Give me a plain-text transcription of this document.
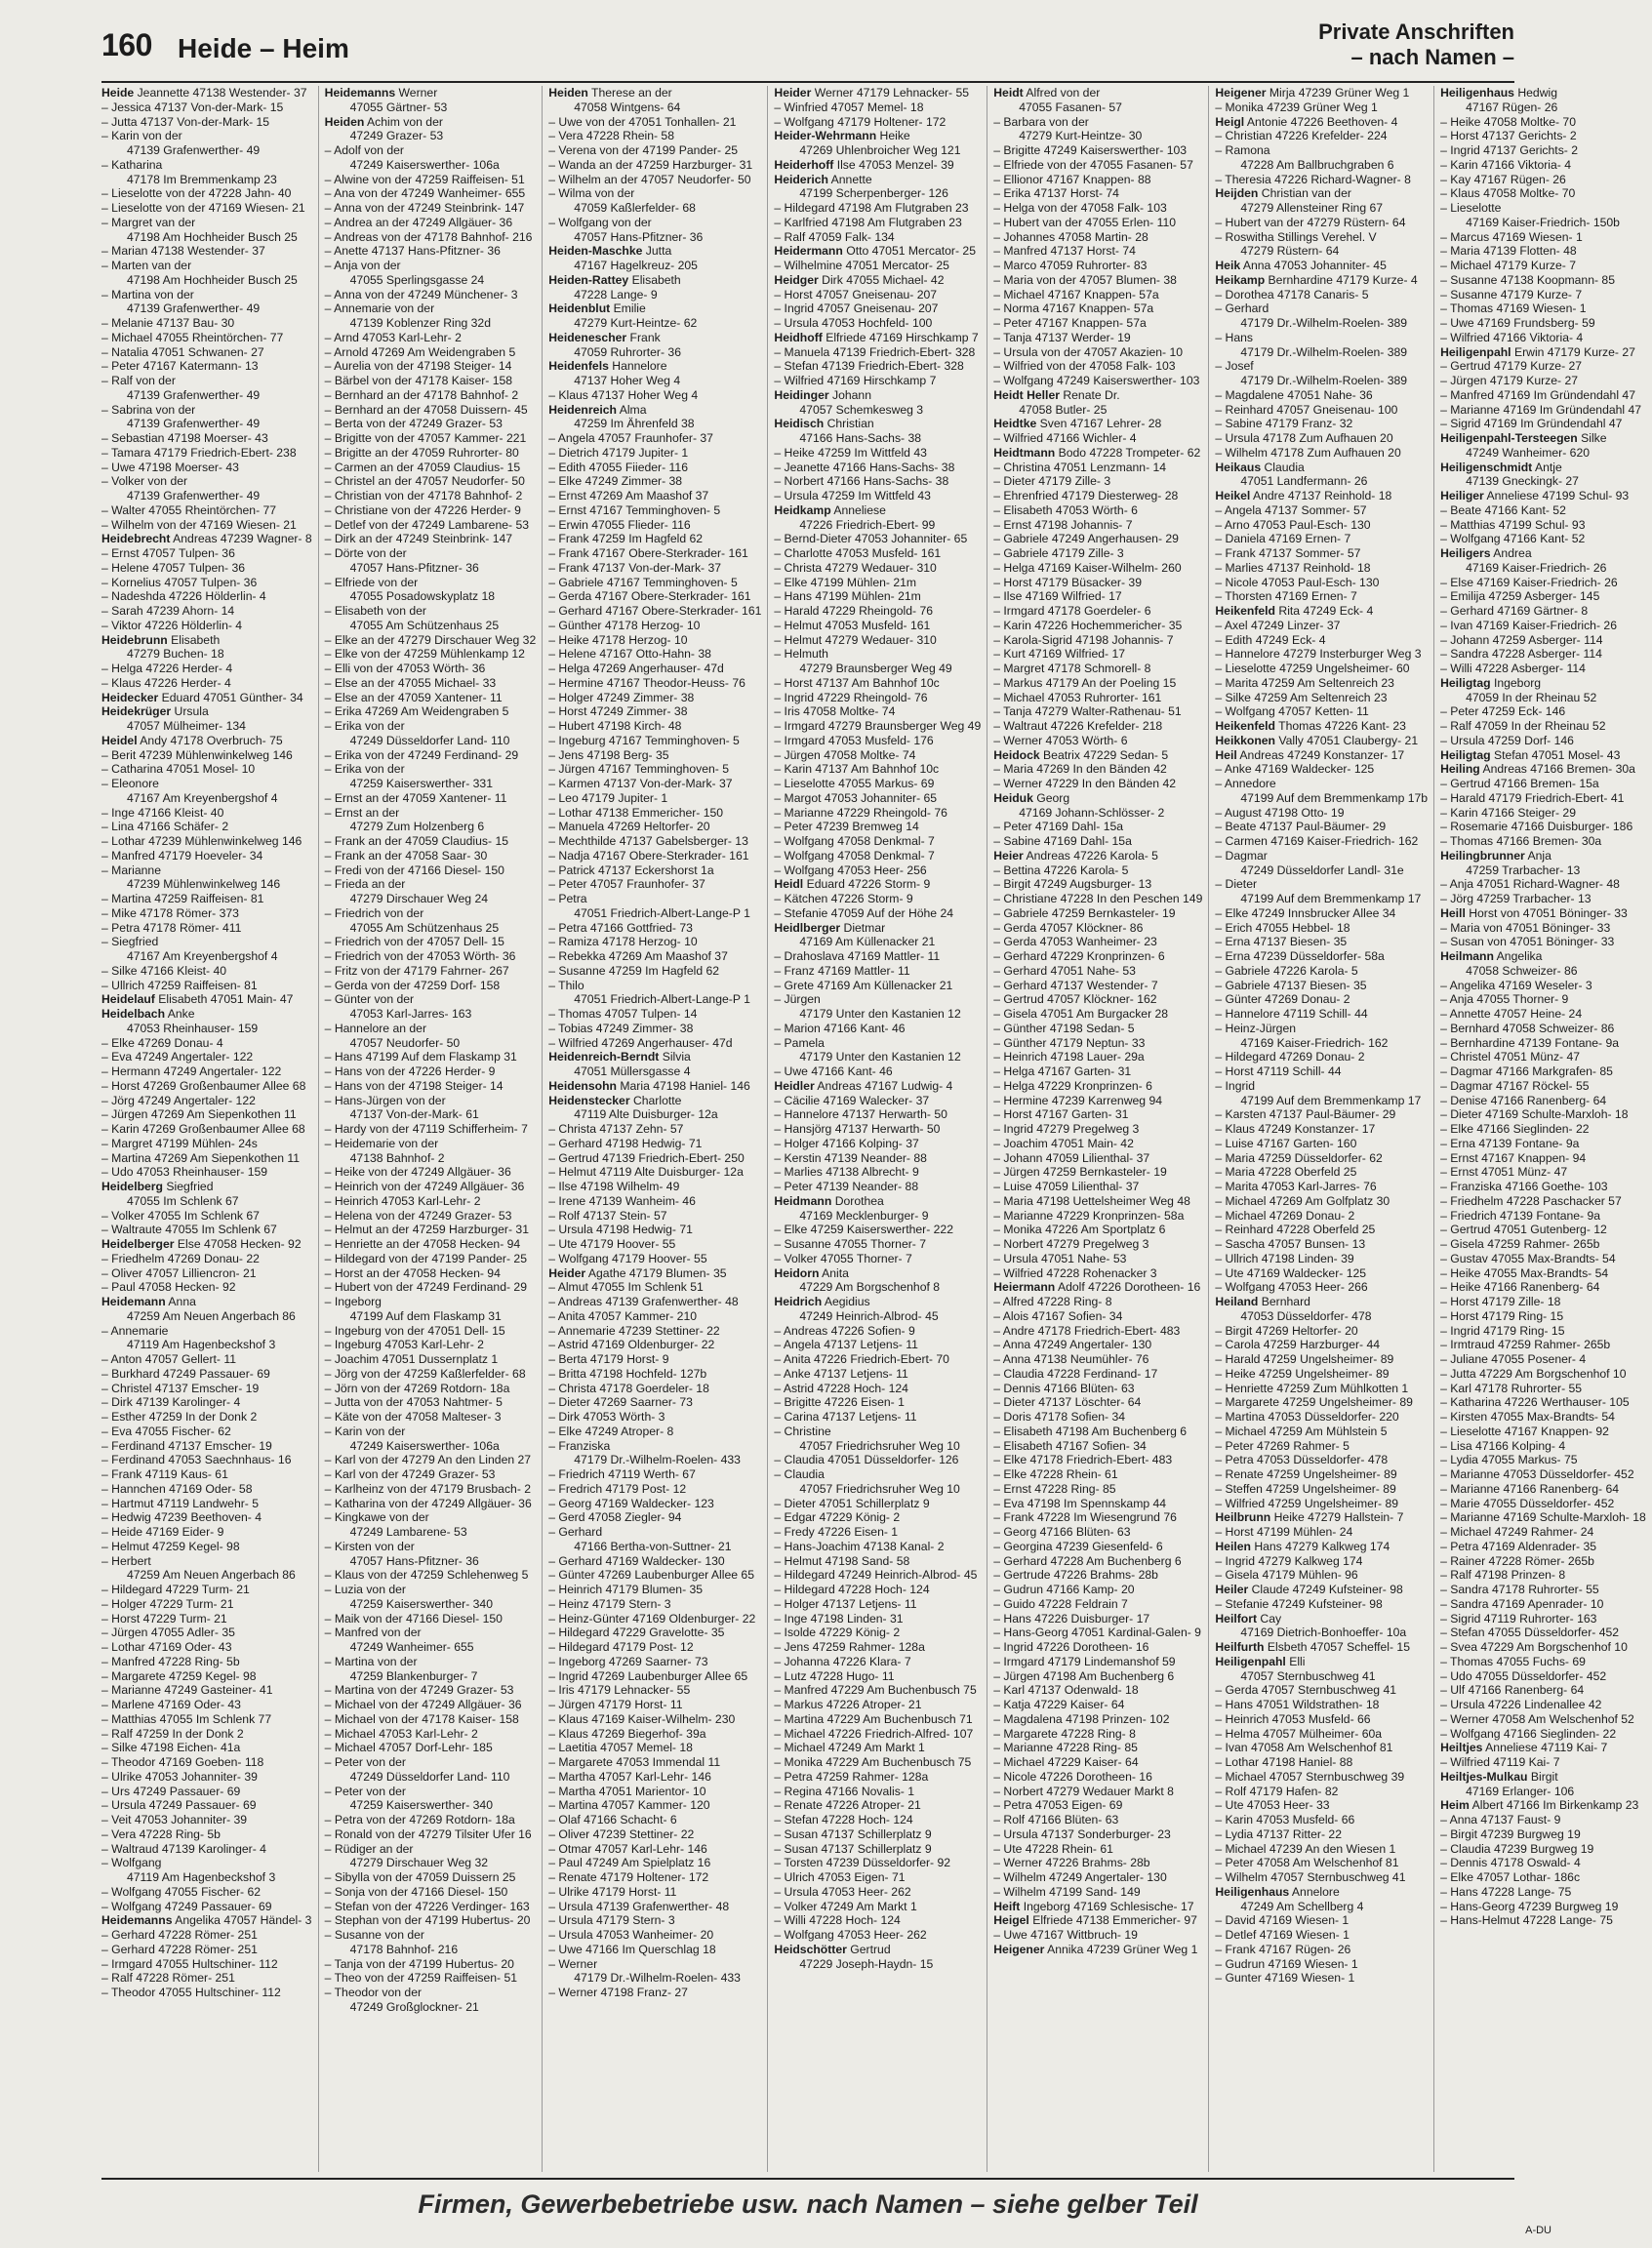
160 Heide – Heim
Private Anschriften
– nach Namen –
Heide Jeannette 47138 Westender- 37
– Jessica 47137 Von-der-Mark- 15
– Jutta 47137 Von-der-Mark- 15
– Karin von der
47139 Grafenwerther- 49
– Katharina
47178 Im Bremmenkamp 23
– Lieselotte von der 47228 Jahn- 40
– Lieselotte von der 47169 Wiesen- 21
– Margret van der
47198 Am Hochheider Busch 25
– Marian 47138 Westender- 37
– Marten van der
47198 Am Hochheider Busch 25
– Martina von der
47139 Grafenwerther- 49
– Melanie 47137 Bau- 30
– Michael 47055 Rheintörchen- 77
– Natalia 47051 Schwanen- 27
– Peter 47167 Katermann- 13
– Ralf von der
47139 Grafenwerther- 49
– Sabrina von der
47139 Grafenwerther- 49
– Sebastian 47198 Moerser- 43
– Tamara 47179 Friedrich-Ebert- 238
– Uwe 47198 Moerser- 43
– Volker von der
47139 Grafenwerther- 49
– Walter 47055 Rheintörchen- 77
– Wilhelm von der 47169 Wiesen- 21
Heidebrecht Andreas 47239 Wagner- 8
– Ernst 47057 Tulpen- 36
– Helene 47057 Tulpen- 36
– Kornelius 47057 Tulpen- 36
– Nadeshda 47226 Hölderlin- 4
– Sarah 47239 Ahorn- 14
– Viktor 47226 Hölderlin- 4
Heidebrunn Elisabeth
47279 Buchen- 18
– Helga 47226 Herder- 4
– Klaus 47226 Herder- 4
Heidecker Eduard 47051 Günther- 34
Heidekrüger Ursula
47057 Mülheimer- 134
Heidel Andy 47178 Overbruch- 75
– Berit 47239 Mühlenwinkelweg 146
– Catharina 47051 Mosel- 10
– Eleonore
47167 Am Kreyenbergshof 4
– Inge 47166 Kleist- 40
– Lina 47166 Schäfer- 2
– Lothar 47239 Mühlenwinkelweg 146
– Manfred 47179 Hoeveler- 34
– Marianne
47239 Mühlenwinkelweg 146
– Martina 47259 Raiffeisen- 81
– Mike 47178 Römer- 373
– Petra 47178 Römer- 411
– Siegfried
47167 Am Kreyenbergshof 4
– Silke 47166 Kleist- 40
– Ullrich 47259 Raiffeisen- 81
Heidelauf Elisabeth 47051 Main- 47
Heidelbach Anke
47053 Rheinhauser- 159
– Elke 47269 Donau- 4
– Eva 47249 Angertaler- 122
– Hermann 47249 Angertaler- 122
– Horst 47269 Großenbaumer Allee 68
– Jörg 47249 Angertaler- 122
– Jürgen 47269 Am Siepenkothen 11
– Karin 47269 Großenbaumer Allee 68
– Margret 47199 Mühlen- 24s
– Martina 47269 Am Siepenkothen 11
– Udo 47053 Rheinhauser- 159
Heidelberg Siegfried
47055 Im Schlenk 67
– Volker 47055 Im Schlenk 67
– Waltraute 47055 Im Schlenk 67
Heidelberger Else 47058 Hecken- 92
– Friedhelm 47269 Donau- 22
– Oliver 47057 Lilliencron- 21
– Paul 47058 Hecken- 92
Heidemann Anna
47259 Am Neuen Angerbach 86
– Annemarie
47119 Am Hagenbeckshof 3
– Anton 47057 Gellert- 11
– Burkhard 47249 Passauer- 69
– Christel 47137 Emscher- 19
– Dirk 47139 Karolinger- 4
– Esther 47259 In der Donk 2
– Eva 47055 Fischer- 62
– Ferdinand 47137 Emscher- 19
– Ferdinand 47053 Saechnhaus- 16
– Frank 47119 Kaus- 61
– Hannchen 47169 Oder- 58
– Hartmut 47119 Landwehr- 5
– Hedwig 47239 Beethoven- 4
– Heide 47169 Eider- 9
– Helmut 47259 Kegel- 98
– Herbert
47259 Am Neuen Angerbach 86
– Hildegard 47229 Turm- 21
– Holger 47229 Turm- 21
– Horst 47229 Turm- 21
– Jürgen 47055 Adler- 35
– Lothar 47169 Oder- 43
– Manfred 47228 Ring- 5b
– Margarete 47259 Kegel- 98
– Marianne 47249 Gasteiner- 41
– Marlene 47169 Oder- 43
– Matthias 47055 Im Schlenk 77
– Ralf 47259 In der Donk 2
– Silke 47198 Eichen- 41a
– Theodor 47169 Goeben- 118
– Ulrike 47053 Johanniter- 39
– Urs 47249 Passauer- 69
– Ursula 47249 Passauer- 69
– Veit 47053 Johanniter- 39
– Vera 47228 Ring- 5b
– Waltraud 47139 Karolinger- 4
– Wolfgang
47119 Am Hagenbeckshof 3
– Wolfgang 47055 Fischer- 62
– Wolfgang 47249 Passauer- 69
Heidemanns Angelika 47057 Händel- 3
– Gerhard 47228 Römer- 251
– Gerhard 47228 Römer- 251
– Irmgard 47055 Hultschiner- 112
– Ralf 47228 Römer- 251
– Theodor 47055 Hultschiner- 112
Heidemanns Werner
47055 Gärtner- 53
Heiden Achim von der
47249 Grazer- 53
– Adolf von der
47249 Kaiserswerther- 106a
– Alwine von der 47259 Raiffeisen- 51
– Ana von der 47249 Wanheimer- 655
– Anna von der 47249 Steinbrink- 147
– Andrea an der 47249 Allgäuer- 36
– Andreas von der 47178 Bahnhof- 216
– Anette 47137 Hans-Pfitzner- 36
– Anja von der
47055 Sperlingsgasse 24
– Anna von der 47249 Münchener- 3
– Annemarie von der
47139 Koblenzer Ring 32d
– Arnd 47053 Karl-Lehr- 2
– Arnold 47269 Am Weidengraben 5
– Aurelia von der 47198 Steiger- 14
– Bärbel von der 47178 Kaiser- 158
– Bernhard an der 47178 Bahnhof- 2
– Bernhard an der 47058 Duissern- 45
– Berta von der 47249 Grazer- 53
– Brigitte von der 47057 Kammer- 221
– Brigitte an der 47059 Ruhrorter- 80
– Carmen an der 47059 Claudius- 15
– Christel an der 47057 Neudorfer- 50
– Christian von der 47178 Bahnhof- 2
– Christiane von der 47226 Herder- 9
– Detlef von der 47249 Lambarene- 53
– Dirk an der 47249 Steinbrink- 147
– Dörte von der
47057 Hans-Pfitzner- 36
– Elfriede von der
47055 Posadowskyplatz 18
– Elisabeth von der
47055 Am Schützenhaus 25
– Elke an der 47279 Dirschauer Weg 32
– Elke von der 47259 Mühlenkamp 12
– Elli von der 47053 Wörth- 36
– Else an der 47055 Michael- 33
– Else an der 47059 Xantener- 11
– Erika 47269 Am Weidengraben 5
– Erika von der
47249 Düsseldorfer Land- 110
– Erika von der 47249 Ferdinand- 29
– Erika von der
47259 Kaiserswerther- 331
– Ernst an der 47059 Xantener- 11
– Ernst an der
47279 Zum Holzenberg 6
– Frank an der 47059 Claudius- 15
– Frank an der 47058 Saar- 30
– Fredi von der 47166 Diesel- 150
– Frieda an der
47279 Dirschauer Weg 24
– Friedrich von der
47055 Am Schützenhaus 25
– Friedrich von der 47057 Dell- 15
– Friedrich von der 47053 Wörth- 36
– Fritz von der 47179 Fahrner- 267
– Gerda von der 47259 Dorf- 158
– Günter von der
47053 Karl-Jarres- 163
– Hannelore an der
47057 Neudorfer- 50
– Hans 47199 Auf dem Flaskamp 31
– Hans von der 47226 Herder- 9
– Hans von der 47198 Steiger- 14
– Hans-Jürgen von der
47137 Von-der-Mark- 61
– Hardy von der 47119 Schifferheim- 7
– Heidemarie von der
47138 Bahnhof- 2
– Heike von der 47249 Allgäuer- 36
– Heinrich von der 47249 Allgäuer- 36
– Heinrich 47053 Karl-Lehr- 2
– Helena von der 47249 Grazer- 53
– Helmut an der 47259 Harzburger- 31
– Henriette an der 47058 Hecken- 94
– Hildegard von der 47199 Pander- 25
– Horst an der 47058 Hecken- 94
– Hubert von der 47249 Ferdinand- 29
– Ingeborg
47199 Auf dem Flaskamp 31
– Ingeburg von der 47051 Dell- 15
– Ingeburg 47053 Karl-Lehr- 2
– Joachim 47051 Dussernplatz 1
– Jörg von der 47259 Kaßlerfelder- 68
– Jörn von der 47269 Rotdorn- 18a
– Jutta von der 47053 Nahtmer- 5
– Käte von der 47058 Malteser- 3
– Karin von der
47249 Kaiserswerther- 106a
– Karl von der 47279 An den Linden 27
– Karl von der 47249 Grazer- 53
– Karlheinz von der 47179 Brusbach- 2
– Katharina von der 47249 Allgäuer- 36
– Kingkawe von der
47249 Lambarene- 53
– Kirsten von der
47057 Hans-Pfitzner- 36
– Klaus von der 47259 Schlehenweg 5
– Luzia von der
47259 Kaiserswerther- 340
– Maik von der 47166 Diesel- 150
– Manfred von der
47249 Wanheimer- 655
– Martina von der
47259 Blankenburger- 7
– Martina von der 47249 Grazer- 53
– Michael von der 47249 Allgäuer- 36
– Michael von der 47178 Kaiser- 158
– Michael 47053 Karl-Lehr- 2
– Michael 47057 Dorf-Lehr- 185
– Peter von der
47249 Düsseldorfer Land- 110
– Peter von der
47259 Kaiserswerther- 340
– Petra von der 47269 Rotdorn- 18a
– Ronald von der 47279 Tilsiter Ufer 16
– Rüdiger an der
47279 Dirschauer Weg 32
– Sibylla von der 47059 Duissern 25
– Sonja von der 47166 Diesel- 150
– Stefan von der 47226 Verdinger- 163
– Stephan von der 47199 Hubertus- 20
– Susanne von der
47178 Bahnhof- 216
– Tanja von der 47199 Hubertus- 20
– Theo von der 47259 Raiffeisen- 51
– Theodor von der
47249 Großglockner- 21
Heiden Therese an der
47058 Wintgens- 64
– Uwe von der 47051 Tonhallen- 21
– Vera 47228 Rhein- 58
– Verena von der 47199 Pander- 25
– Wanda an der 47259 Harzburger- 31
– Wilhelm an der 47057 Neudorfer- 50
– Wilma von der
47059 Kaßlerfelder- 68
– Wolfgang von der
47057 Hans-Pfitzner- 36
Heiden-Maschke Jutta
47167 Hagelkreuz- 205
Heiden-Rattey Elisabeth
47228 Lange- 9
Heidenblut Emilie
47279 Kurt-Heintze- 62
Heidenescher Frank
47059 Ruhrorter- 36
Heidenfels Hannelore
47137 Hoher Weg 4
– Klaus 47137 Hoher Weg 4
Heidenreich Alma
47259 Im Ährenfeld 38
– Angela 47057 Fraunhofer- 37
– Dietrich 47179 Jupiter- 1
– Edith 47055 Fiieder- 116
– Elke 47249 Zimmer- 38
– Ernst 47269 Am Maashof 37
– Ernst 47167 Temminghoven- 5
– Erwin 47055 Flieder- 116
– Frank 47259 Im Hagfeld 62
– Frank 47167 Obere-Sterkrader- 161
– Frank 47137 Von-der-Mark- 37
– Gabriele 47167 Temminghoven- 5
– Gerda 47167 Obere-Sterkrader- 161
– Gerhard 47167 Obere-Sterkrader- 161
– Günther 47178 Herzog- 10
– Heike 47178 Herzog- 10
– Helene 47167 Otto-Hahn- 38
– Helga 47269 Angerhauser- 47d
– Hermine 47167 Theodor-Heuss- 76
– Holger 47249 Zimmer- 38
– Horst 47249 Zimmer- 38
– Hubert 47198 Kirch- 48
– Ingeburg 47167 Temminghoven- 5
– Jens 47198 Berg- 35
– Jürgen 47167 Temminghoven- 5
– Karmen 47137 Von-der-Mark- 37
– Leo 47179 Jupiter- 1
– Lothar 47138 Emmericher- 150
– Manuela 47269 Heltorfer- 20
– Mechthilde 47137 Gabelsberger- 13
– Nadja 47167 Obere-Sterkrader- 161
– Patrick 47137 Eckershorst 1a
– Peter 47057 Fraunhofer- 37
– Petra
47051 Friedrich-Albert-Lange-P 1
– Petra 47166 Gottfried- 73
– Ramiza 47178 Herzog- 10
– Rebekka 47269 Am Maashof 37
– Susanne 47259 Im Hagfeld 62
– Thilo
47051 Friedrich-Albert-Lange-P 1
– Thomas 47057 Tulpen- 14
– Tobias 47249 Zimmer- 38
– Wilfried 47269 Angerhauser- 47d
Heidenreich-Berndt Silvia
47051 Müllersgasse 4
Heidensohn Maria 47198 Haniel- 146
Heidenstecker Charlotte
47119 Alte Duisburger- 12a
– Christa 47137 Zehn- 57
– Gerhard 47198 Hedwig- 71
– Gertrud 47139 Friedrich-Ebert- 250
– Helmut 47119 Alte Duisburger- 12a
– Ilse 47198 Wilhelm- 49
– Irene 47139 Wanheim- 46
– Rolf 47137 Stein- 57
– Ursula 47198 Hedwig- 71
– Ute 47179 Hoover- 55
– Wolfgang 47179 Hoover- 55
Heider Agathe 47179 Blumen- 35
– Almut 47055 Im Schlenk 51
– Andreas 47139 Grafenwerther- 48
– Anita 47057 Kammer- 210
– Annemarie 47239 Stettiner- 22
– Astrid 47169 Oldenburger- 22
– Berta 47179 Horst- 9
– Britta 47198 Hochfeld- 127b
– Christa 47178 Goerdeler- 18
– Dieter 47269 Saarner- 73
– Dirk 47053 Wörth- 3
– Elke 47249 Atroper- 8
– Franziska
47179 Dr.-Wilhelm-Roelen- 433
– Friedrich 47119 Werth- 67
– Fredrich 47179 Post- 12
– Georg 47169 Waldecker- 123
– Gerd 47058 Ziegler- 94
– Gerhard
47166 Bertha-von-Suttner- 21
– Gerhard 47169 Waldecker- 130
– Günter 47269 Laubenburger Allee 65
– Heinrich 47179 Blumen- 35
– Heinz 47179 Stern- 3
– Heinz-Günter 47169 Oldenburger- 22
– Hildegard 47229 Gravelotte- 35
– Hildegard 47179 Post- 12
– Ingeborg 47269 Saarner- 73
– Ingrid 47269 Laubenburger Allee 65
– Iris 47179 Lehnacker- 55
– Jürgen 47179 Horst- 11
– Klaus 47169 Kaiser-Wilhelm- 230
– Klaus 47269 Biegerhof- 39a
– Laetitia 47057 Memel- 18
– Margarete 47053 Immendal 11
– Martha 47057 Karl-Lehr- 146
– Martha 47051 Marientor- 10
– Martina 47057 Kammer- 120
– Olaf 47166 Schacht- 6
– Oliver 47239 Stettiner- 22
– Otmar 47057 Karl-Lehr- 146
– Paul 47249 Am Spielplatz 16
– Renate 47179 Holtener- 172
– Ulrike 47179 Horst- 11
– Ursula 47139 Grafenwerther- 48
– Ursula 47179 Stern- 3
– Ursula 47053 Wanheimer- 20
– Uwe 47166 Im Querschlag 18
– Werner
47179 Dr.-Wilhelm-Roelen- 433
– Werner 47198 Franz- 27
Heider Werner 47179 Lehnacker- 55
– Winfried 47057 Memel- 18
– Wolfgang 47179 Holtener- 172
Heider-Wehrmann Heike
47269 Uhlenbroicher Weg 121
Heiderhoff Ilse 47053 Menzel- 39
Heiderich Annette
47199 Scherpenberger- 126
– Hildegard 47198 Am Flutgraben 23
– Karlfried 47198 Am Flutgraben 23
– Ralf 47059 Falk- 134
Heidermann Otto 47051 Mercator- 25
– Wilhelmine 47051 Mercator- 25
Heidger Dirk 47055 Michael- 42
– Horst 47057 Gneisenau- 207
– Ingrid 47057 Gneisenau- 207
– Ursula 47053 Hochfeld- 100
Heidhoff Elfriede 47169 Hirschkamp 7
– Manuela 47139 Friedrich-Ebert- 328
– Stefan 47139 Friedrich-Ebert- 328
– Wilfried 47169 Hirschkamp 7
Heidinger Johann
47057 Schemkesweg 3
Heidisch Christian
47166 Hans-Sachs- 38
– Heike 47259 Im Wittfeld 43
– Jeanette 47166 Hans-Sachs- 38
– Norbert 47166 Hans-Sachs- 38
– Ursula 47259 Im Wittfeld 43
Heidkamp Anneliese
47226 Friedrich-Ebert- 99
– Bernd-Dieter 47053 Johanniter- 65
– Charlotte 47053 Musfeld- 161
– Christa 47279 Wedauer- 310
– Elke 47199 Mühlen- 21m
– Hans 47199 Mühlen- 21m
– Harald 47229 Rheingold- 76
– Helmut 47053 Musfeld- 161
– Helmut 47279 Wedauer- 310
– Helmuth
47279 Braunsberger Weg 49
– Horst 47137 Am Bahnhof 10c
– Ingrid 47229 Rheingold- 76
– Iris 47058 Moltke- 74
– Irmgard 47279 Braunsberger Weg 49
– Irmgard 47053 Musfeld- 176
– Jürgen 47058 Moltke- 74
– Karin 47137 Am Bahnhof 10c
– Lieselotte 47055 Markus- 69
– Margot 47053 Johanniter- 65
– Marianne 47229 Rheingold- 76
– Peter 47239 Bremweg 14
– Wolfgang 47058 Denkmal- 7
– Wolfgang 47058 Denkmal- 7
– Wolfgang 47053 Heer- 256
Heidl Eduard 47226 Storm- 9
– Kätchen 47226 Storm- 9
– Stefanie 47059 Auf der Höhe 24
Heidlberger Dietmar
47169 Am Küllenacker 21
– Drahoslava 47169 Mattler- 11
– Franz 47169 Mattler- 11
– Grete 47169 Am Küllenacker 21
– Jürgen
47179 Unter den Kastanien 12
– Marion 47166 Kant- 46
– Pamela
47179 Unter den Kastanien 12
– Uwe 47166 Kant- 46
Heidler Andreas 47167 Ludwig- 4
– Cäcilie 47169 Walecker- 37
– Hannelore 47137 Herwarth- 50
– Hansjörg 47137 Herwarth- 50
– Holger 47166 Kolping- 37
– Kerstin 47139 Neander- 88
– Marlies 47138 Albrecht- 9
– Peter 47139 Neander- 88
Heidmann Dorothea
47169 Mecklenburger- 9
– Elke 47259 Kaiserswerther- 222
– Susanne 47055 Thorner- 7
– Volker 47055 Thorner- 7
Heidorn Anita
47229 Am Borgschenhof 8
Heidrich Aegidius
47249 Heinrich-Albrod- 45
– Andreas 47226 Sofien- 9
– Angela 47137 Letjens- 11
– Anita 47226 Friedrich-Ebert- 70
– Anke 47137 Letjens- 11
– Astrid 47228 Hoch- 124
– Brigitte 47226 Eisen- 1
– Carina 47137 Letjens- 11
– Christine
47057 Friedrichsruher Weg 10
– Claudia 47051 Düsseldorfer- 126
– Claudia
47057 Friedrichsruher Weg 10
– Dieter 47051 Schillerplatz 9
– Edgar 47229 König- 2
– Fredy 47226 Eisen- 1
– Hans-Joachim 47138 Kanal- 2
– Helmut 47198 Sand- 58
– Hildegard 47249 Heinrich-Albrod- 45
– Hildegard 47228 Hoch- 124
– Holger 47137 Letjens- 11
– Inge 47198 Linden- 31
– Isolde 47229 König- 2
– Jens 47259 Rahmer- 128a
– Johanna 47226 Klara- 7
– Lutz 47228 Hugo- 11
– Manfred 47229 Am Buchenbusch 75
– Markus 47226 Atroper- 21
– Martina 47229 Am Buchenbusch 71
– Michael 47226 Friedrich-Alfred- 107
– Michael 47249 Am Markt 1
– Monika 47229 Am Buchenbusch 75
– Petra 47259 Rahmer- 128a
– Regina 47166 Novalis- 1
– Renate 47226 Atroper- 21
– Stefan 47228 Hoch- 124
– Susan 47137 Schillerplatz 9
– Susan 47137 Schillerplatz 9
– Torsten 47239 Düsseldorfer- 92
– Ulrich 47053 Eigen- 71
– Ursula 47053 Heer- 262
– Volker 47249 Am Markt 1
– Willi 47228 Hoch- 124
– Wolfgang 47053 Heer- 262
Heidschötter Gertrud
47229 Joseph-Haydn- 15
Heidt Alfred von der
47055 Fasanen- 57
– Barbara von der
47279 Kurt-Heintze- 30
– Brigitte 47249 Kaiserswerther- 103
– Elfriede von der 47055 Fasanen- 57
– Ellionor 47167 Knappen- 88
– Erika 47137 Horst- 74
– Helga von der 47058 Falk- 103
– Hubert van der 47055 Erlen- 110
– Johannes 47058 Martin- 28
– Manfred 47137 Horst- 74
– Marco 47059 Ruhrorter- 83
– Maria von der 47057 Blumen- 38
– Michael 47167 Knappen- 57a
– Norma 47167 Knappen- 57a
– Peter 47167 Knappen- 57a
– Tanja 47137 Werder- 19
– Ursula von der 47057 Akazien- 10
– Wilfried von der 47058 Falk- 103
– Wolfgang 47249 Kaiserswerther- 103
Heidt Heller Renate Dr.
47058 Butler- 25
Heidtke Sven 47167 Lehrer- 28
– Wilfried 47166 Wichler- 4
Heidtmann Bodo 47228 Trompeter- 62
– Christina 47051 Lenzmann- 14
– Dieter 47179 Zille- 3
– Ehrenfried 47179 Diesterweg- 28
– Elisabeth 47053 Wörth- 6
– Ernst 47198 Johannis- 7
– Gabriele 47249 Angerhausen- 29
– Gabriele 47179 Zille- 3
– Helga 47169 Kaiser-Wilhelm- 260
– Horst 47179 Büsacker- 39
– Ilse 47169 Wilfried- 17
– Irmgard 47178 Goerdeler- 6
– Karin 47226 Hochemmericher- 35
– Karola-Sigrid 47198 Johannis- 7
– Kurt 47169 Wilfried- 17
– Margret 47178 Schmorell- 8
– Markus 47179 An der Poeling 15
– Michael 47053 Ruhrorter- 161
– Tanja 47279 Walter-Rathenau- 51
– Waltraut 47226 Krefelder- 218
– Werner 47053 Wörth- 6
Heidock Beatrix 47229 Sedan- 5
– Maria 47269 In den Bänden 42
– Werner 47229 In den Bänden 42
Heiduk Georg
47169 Johann-Schlösser- 2
– Peter 47169 Dahl- 15a
– Sabine 47169 Dahl- 15a
Heier Andreas 47226 Karola- 5
– Bettina 47226 Karola- 5
– Birgit 47249 Augsburger- 13
– Christiane 47228 In den Peschen 149
– Gabriele 47259 Bernkasteler- 19
– Gerda 47057 Klöckner- 86
– Gerda 47053 Wanheimer- 23
– Gerhard 47229 Kronprinzen- 6
– Gerhard 47051 Nahe- 53
– Gerhard 47137 Westender- 7
– Gertrud 47057 Klöckner- 162
– Gisela 47051 Am Burgacker 28
– Günther 47198 Sedan- 5
– Günther 47179 Neptun- 33
– Heinrich 47198 Lauer- 29a
– Helga 47167 Garten- 31
– Helga 47229 Kronprinzen- 6
– Hermine 47239 Karrenweg 94
– Horst 47167 Garten- 31
– Ingrid 47279 Pregelweg 3
– Joachim 47051 Main- 42
– Johann 47059 Lilienthal- 37
– Jürgen 47259 Bernkasteler- 19
– Luise 47059 Lilienthal- 37
– Maria 47198 Uettelsheimer Weg 48
– Marianne 47229 Kronprinzen- 58a
– Monika 47226 Am Sportplatz 6
– Norbert 47279 Pregelweg 3
– Ursula 47051 Nahe- 53
– Wilfried 47228 Rohenacker 3
Heiermann Adolf 47226 Dorotheen- 16
– Alfred 47228 Ring- 8
– Alois 47167 Sofien- 34
– Andre 47178 Friedrich-Ebert- 483
– Anna 47249 Angertaler- 130
– Anna 47138 Neumühler- 76
– Claudia 47228 Ferdinand- 17
– Dennis 47166 Blüten- 63
– Dieter 47137 Löschter- 64
– Doris 47178 Sofien- 34
– Elisabeth 47198 Am Buchenberg 6
– Elisabeth 47167 Sofien- 34
– Elke 47178 Friedrich-Ebert- 483
– Elke 47228 Rhein- 61
– Ernst 47228 Ring- 85
– Eva 47198 Im Spennskamp 44
– Frank 47228 Im Wiesengrund 76
– Georg 47166 Blüten- 63
– Georgina 47239 Giesenfeld- 6
– Gerhard 47228 Am Buchenberg 6
– Gertrude 47226 Brahms- 28b
– Gudrun 47166 Kamp- 20
– Guido 47228 Feldrain 7
– Hans 47226 Duisburger- 17
– Hans-Georg 47051 Kardinal-Galen- 9
– Ingrid 47226 Dorotheen- 16
– Irmgard 47179 Lindemanshof 59
– Jürgen 47198 Am Buchenberg 6
– Karl 47137 Odenwald- 18
– Katja 47229 Kaiser- 64
– Magdalena 47198 Prinzen- 102
– Margarete 47228 Ring- 8
– Marianne 47228 Ring- 85
– Michael 47229 Kaiser- 64
– Nicole 47226 Dorotheen- 16
– Norbert 47279 Wedauer Markt 8
– Petra 47053 Eigen- 69
– Rolf 47166 Blüten- 63
– Ursula 47137 Sonderburger- 23
– Ute 47228 Rhein- 61
– Werner 47226 Brahms- 28b
– Wilhelm 47249 Angertaler- 130
– Wilhelm 47199 Sand- 149
Heift Ingeborg 47169 Schlesische- 17
Heigel Elfriede 47138 Emmericher- 97
– Uwe 47167 Wittbruch- 19
Heigener Annika 47239 Grüner Weg 1
Heigener Mirja 47239 Grüner Weg 1
– Monika 47239 Grüner Weg 1
Heigl Antonie 47226 Beethoven- 4
– Christian 47226 Krefelder- 224
– Ramona
47228 Am Ballbruchgraben 6
– Theresia 47226 Richard-Wagner- 8
Heijden Christian van der
47279 Allensteiner Ring 67
– Hubert van der 47279 Rüstern- 64
– Roswitha Stillings Verehel. V
47279 Rüstern- 64
Heik Anna 47053 Johanniter- 45
Heikamp Bernhardine 47179 Kurze- 4
– Dorothea 47178 Canaris- 5
– Gerhard
47179 Dr.-Wilhelm-Roelen- 389
– Hans
47179 Dr.-Wilhelm-Roelen- 389
– Josef
47179 Dr.-Wilhelm-Roelen- 389
– Magdalene 47051 Nahe- 36
– Reinhard 47057 Gneisenau- 100
– Sabine 47179 Franz- 32
– Ursula 47178 Zum Aufhauen 20
– Wilhelm 47178 Zum Aufhauen 20
Heikaus Claudia
47051 Landfermann- 26
Heikel Andre 47137 Reinhold- 18
– Angela 47137 Sommer- 57
– Arno 47053 Paul-Esch- 130
– Daniela 47169 Ernen- 7
– Frank 47137 Sommer- 57
– Marlies 47137 Reinhold- 18
– Nicole 47053 Paul-Esch- 130
– Thorsten 47169 Ernen- 7
Heikenfeld Rita 47249 Eck- 4
– Axel 47249 Linzer- 37
– Edith 47249 Eck- 4
– Hannelore 47279 Insterburger Weg 3
– Lieselotte 47259 Ungelsheimer- 60
– Marita 47259 Am Seltenreich 23
– Silke 47259 Am Seltenreich 23
– Wolfgang 47057 Ketten- 11
Heikenfeld Thomas 47226 Kant- 23
Heikkonen Vally 47051 Claubergy- 21
Heil Andreas 47249 Konstanzer- 17
– Anke 47169 Waldecker- 125
– Annedore
47199 Auf dem Bremmenkamp 17b
– August 47198 Otto- 19
– Beate 47137 Paul-Bäumer- 29
– Carmen 47169 Kaiser-Friedrich- 162
– Dagmar
47249 Düsseldorfer Landl- 31e
– Dieter
47199 Auf dem Bremmenkamp 17
– Elke 47249 Innsbrucker Allee 34
– Erich 47055 Hebbel- 18
– Erna 47137 Biesen- 35
– Erna 47239 Düsseldorfer- 58a
– Gabriele 47226 Karola- 5
– Gabriele 47137 Biesen- 35
– Günter 47269 Donau- 2
– Hannelore 47119 Schill- 44
– Heinz-Jürgen
47169 Kaiser-Friedrich- 162
– Hildegard 47269 Donau- 2
– Horst 47119 Schill- 44
– Ingrid
47199 Auf dem Bremmenkamp 17
– Karsten 47137 Paul-Bäumer- 29
– Klaus 47249 Konstanzer- 17
– Luise 47167 Garten- 160
– Maria 47259 Düsseldorfer- 62
– Maria 47228 Oberfeld 25
– Marita 47053 Karl-Jarres- 76
– Michael 47269 Am Golfplatz 30
– Michael 47269 Donau- 2
– Reinhard 47228 Oberfeld 25
– Sascha 47057 Bunsen- 13
– Ullrich 47198 Linden- 39
– Ute 47169 Waldecker- 125
– Wolfgang 47053 Heer- 266
Heiland Bernhard
47053 Düsseldorfer- 478
– Birgit 47269 Heltorfer- 20
– Carola 47259 Harzburger- 44
– Harald 47259 Ungelsheimer- 89
– Heike 47259 Ungelsheimer- 89
– Henriette 47259 Zum Mühlkotten 1
– Margarete 47259 Ungelsheimer- 89
– Martina 47053 Düsseldorfer- 220
– Michael 47259 Am Mühlstein 5
– Peter 47269 Rahmer- 5
– Petra 47053 Düsseldorfer- 478
– Renate 47259 Ungelsheimer- 89
– Steffen 47259 Ungelsheimer- 89
– Wilfried 47259 Ungelsheimer- 89
Heilbrunn Heike 47279 Hallstein- 7
– Horst 47199 Mühlen- 24
Heilen Hans 47279 Kalkweg 174
– Ingrid 47279 Kalkweg 174
– Gisela 47179 Mühlen- 96
Heiler Claude 47249 Kufsteiner- 98
– Stefanie 47249 Kufsteiner- 98
Heilfort Cay
47169 Dietrich-Bonhoeffer- 10a
Heilfurth Elsbeth 47057 Scheffel- 15
Heiligenpahl Elli
47057 Sternbuschweg 41
– Gerda 47057 Sternbuschweg 41
– Hans 47051 Wildstrathen- 18
– Heinrich 47053 Musfeld- 66
– Helma 47057 Mülheimer- 60a
– Ivan 47058 Am Welschenhof 81
– Lothar 47198 Haniel- 88
– Michael 47057 Sternbuschweg 39
– Rolf 47179 Hafen- 82
– Ute 47053 Heer- 33
– Karin 47053 Musfeld- 66
– Lydia 47137 Ritter- 22
– Michael 47239 An den Wiesen 1
– Peter 47058 Am Welschenhof 81
– Wilhelm 47057 Sternbuschweg 41
Heiligenhaus Annelore
47249 Am Schellberg 4
– David 47169 Wiesen- 1
– Detlef 47169 Wiesen- 1
– Frank 47167 Rügen- 26
– Gudrun 47169 Wiesen- 1
– Gunter 47169 Wiesen- 1
Heiligenhaus Hedwig
47167 Rügen- 26
– Heike 47058 Moltke- 70
– Horst 47137 Gerichts- 2
– Ingrid 47137 Gerichts- 2
– Karin 47166 Viktoria- 4
– Kay 47167 Rügen- 26
– Klaus 47058 Moltke- 70
– Lieselotte
47169 Kaiser-Friedrich- 150b
– Marcus 47169 Wiesen- 1
– Maria 47139 Flotten- 48
– Michael 47179 Kurze- 7
– Susanne 47138 Koopmann- 85
– Susanne 47179 Kurze- 7
– Thomas 47169 Wiesen- 1
– Uwe 47169 Frundsberg- 59
– Wilfried 47166 Viktoria- 4
Heiligenpahl Erwin 47179 Kurze- 27
– Gertrud 47179 Kurze- 27
– Jürgen 47179 Kurze- 27
– Manfred 47169 Im Gründendahl 47
– Marianne 47169 Im Gründendahl 47
– Sigrid 47169 Im Gründendahl 47
Heiligenpahl-Tersteegen Silke
47249 Wanheimer- 620
Heiligenschmidt Antje
47139 Gneckingk- 27
Heiliger Anneliese 47199 Schul- 93
– Beate 47166 Kant- 52
– Matthias 47199 Schul- 93
– Wolfgang 47166 Kant- 52
Heiligers Andrea
47169 Kaiser-Friedrich- 26
– Else 47169 Kaiser-Friedrich- 26
– Emilija 47259 Asberger- 145
– Gerhard 47169 Gärtner- 8
– Ivan 47169 Kaiser-Friedrich- 26
– Johann 47259 Asberger- 114
– Sandra 47228 Asberger- 114
– Willi 47228 Asberger- 114
Heiligtag Ingeborg
47059 In der Rheinau 52
– Peter 47259 Eck- 146
– Ralf 47059 In der Rheinau 52
– Ursula 47259 Dorf- 146
Heiligtag Stefan 47051 Mosel- 43
Heiling Andreas 47166 Bremen- 30a
– Gertrud 47166 Bremen- 15a
– Harald 47179 Friedrich-Ebert- 41
– Karin 47166 Steiger- 29
– Rosemarie 47166 Duisburger- 186
– Thomas 47166 Bremen- 30a
Heilingbrunner Anja
47259 Trarbacher- 13
– Anja 47051 Richard-Wagner- 48
– Jörg 47259 Trarbacher- 13
Heill Horst von 47051 Böninger- 33
– Maria von 47051 Böninger- 33
– Susan von 47051 Böninger- 33
Heilmann Angelika
47058 Schweizer- 86
– Angelika 47169 Weseler- 3
– Anja 47055 Thorner- 9
– Annette 47057 Heine- 24
– Bernhard 47058 Schweizer- 86
– Bernhardine 47139 Fontane- 9a
– Christel 47051 Münz- 47
– Dagmar 47166 Markgrafen- 85
– Dagmar 47167 Röckel- 55
– Denise 47166 Ranenberg- 64
– Dieter 47169 Schulte-Marxloh- 18
– Elke 47166 Sieglinden- 22
– Erna 47139 Fontane- 9a
– Ernst 47167 Knappen- 94
– Ernst 47051 Münz- 47
– Franziska 47166 Goethe- 103
– Friedhelm 47228 Paschacker 57
– Friedrich 47139 Fontane- 9a
– Gertrud 47051 Gutenberg- 12
– Gisela 47259 Rahmer- 265b
– Gustav 47055 Max-Brandts- 54
– Heike 47055 Max-Brandts- 54
– Heike 47166 Ranenberg- 64
– Horst 47179 Zille- 18
– Horst 47179 Ring- 15
– Ingrid 47179 Ring- 15
– Irmtraud 47259 Rahmer- 265b
– Juliane 47055 Posener- 4
– Jutta 47229 Am Borgschenhof 10
– Karl 47178 Ruhrorter- 55
– Katharina 47226 Werthauser- 105
– Kirsten 47055 Max-Brandts- 54
– Lieselotte 47167 Knappen- 92
– Lisa 47166 Kolping- 4
– Lydia 47055 Markus- 75
– Marianne 47053 Düsseldorfer- 452
– Marianne 47166 Ranenberg- 64
– Marie 47055 Düsseldorfer- 452
– Marianne 47169 Schulte-Marxloh- 18
– Michael 47249 Rahmer- 24
– Petra 47169 Aldenrader- 35
– Rainer 47228 Römer- 265b
– Ralf 47198 Prinzen- 8
– Sandra 47178 Ruhrorter- 55
– Sandra 47169 Apenrader- 10
– Sigrid 47119 Ruhrorter- 163
– Stefan 47055 Düsseldorfer- 452
– Svea 47229 Am Borgschenhof 10
– Thomas 47055 Fuchs- 69
– Udo 47055 Düsseldorfer- 452
– Ulf 47166 Ranenberg- 64
– Ursula 47226 Lindenallee 42
– Werner 47058 Am Welschenhof 52
– Wolfgang 47166 Sieglinden- 22
Heiltjes Anneliese 47119 Kai- 7
– Wilfried 47119 Kai- 7
Heiltjes-Mulkau Birgit
47169 Erlanger- 106
Heim Albert 47166 Im Birkenkamp 23
– Anna 47137 Faust- 9
– Birgit 47239 Burgweg 19
– Claudia 47239 Burgweg 19
– Dennis 47178 Oswald- 4
– Elke 47057 Lothar- 186c
– Hans 47228 Lange- 75
– Hans-Georg 47239 Burgweg 19
– Hans-Helmut 47228 Lange- 75
Firmen, Gewerbebetriebe usw. nach Namen – siehe gelber Teil
A-DU
